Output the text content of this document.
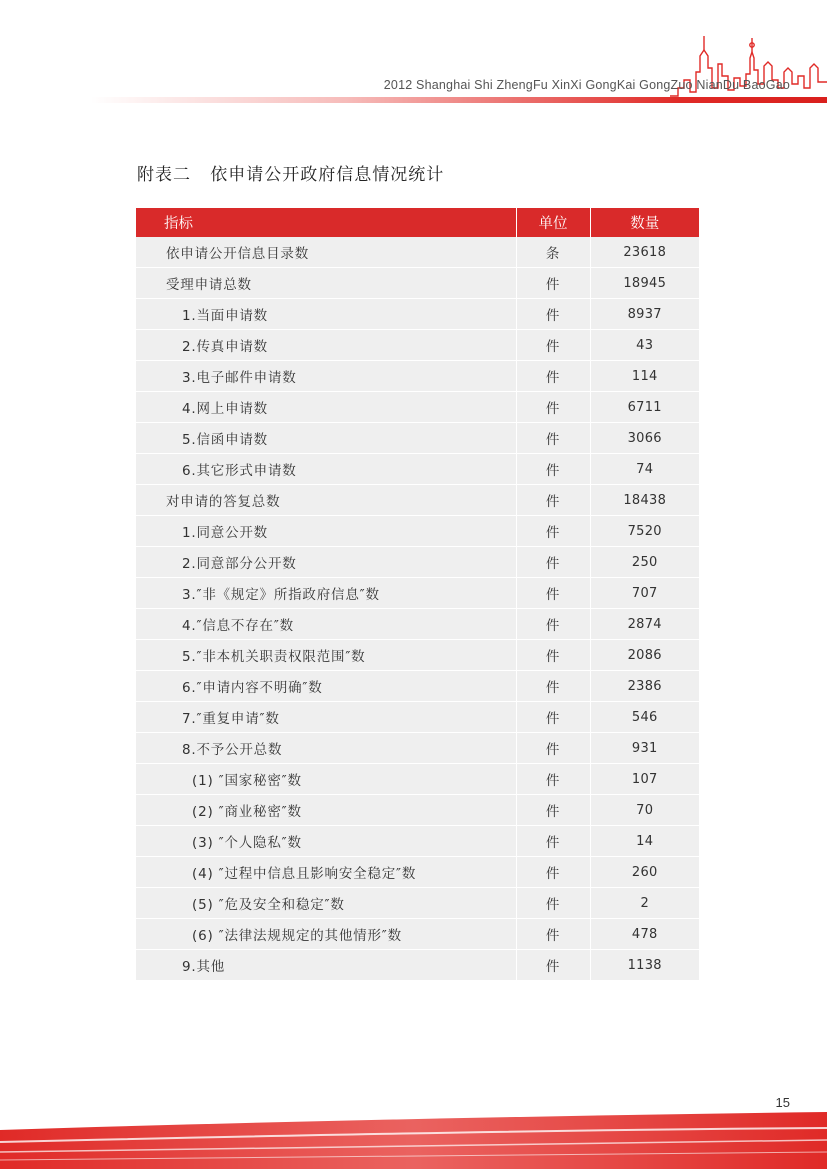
2012 Shanghai Shi ZhengFu XinXi GongKai GongZuo NianDu BaoGao
附表二 依申请公开政府信息情况统计
指标	单位	数量
依申请公开信息目录数	条	23618
受理申请总数	件	18945
1.当面申请数	件	8937
2.传真申请数	件	43
3.电子邮件申请数	件	114
4.网上申请数	件	6711
5.信函申请数	件	3066
6.其它形式申请数	件	74
对申请的答复总数	件	18438
1.同意公开数	件	7520
2.同意部分公开数	件	250
3.″非《规定》所指政府信息″数	件	707
4.″信息不存在″数	件	2874
5.″非本机关职责权限范围″数	件	2086
6.″申请内容不明确″数	件	2386
7.″重复申请″数	件	546
8.不予公开总数	件	931
(1) ″国家秘密″数	件	107
(2) ″商业秘密″数	件	70
(3) ″个人隐私″数	件	14
(4) ″过程中信息且影响安全稳定″数	件	260
(5) ″危及安全和稳定″数	件	2
(6) ″法律法规规定的其他情形″数	件	478
9.其他	件	1138
15
